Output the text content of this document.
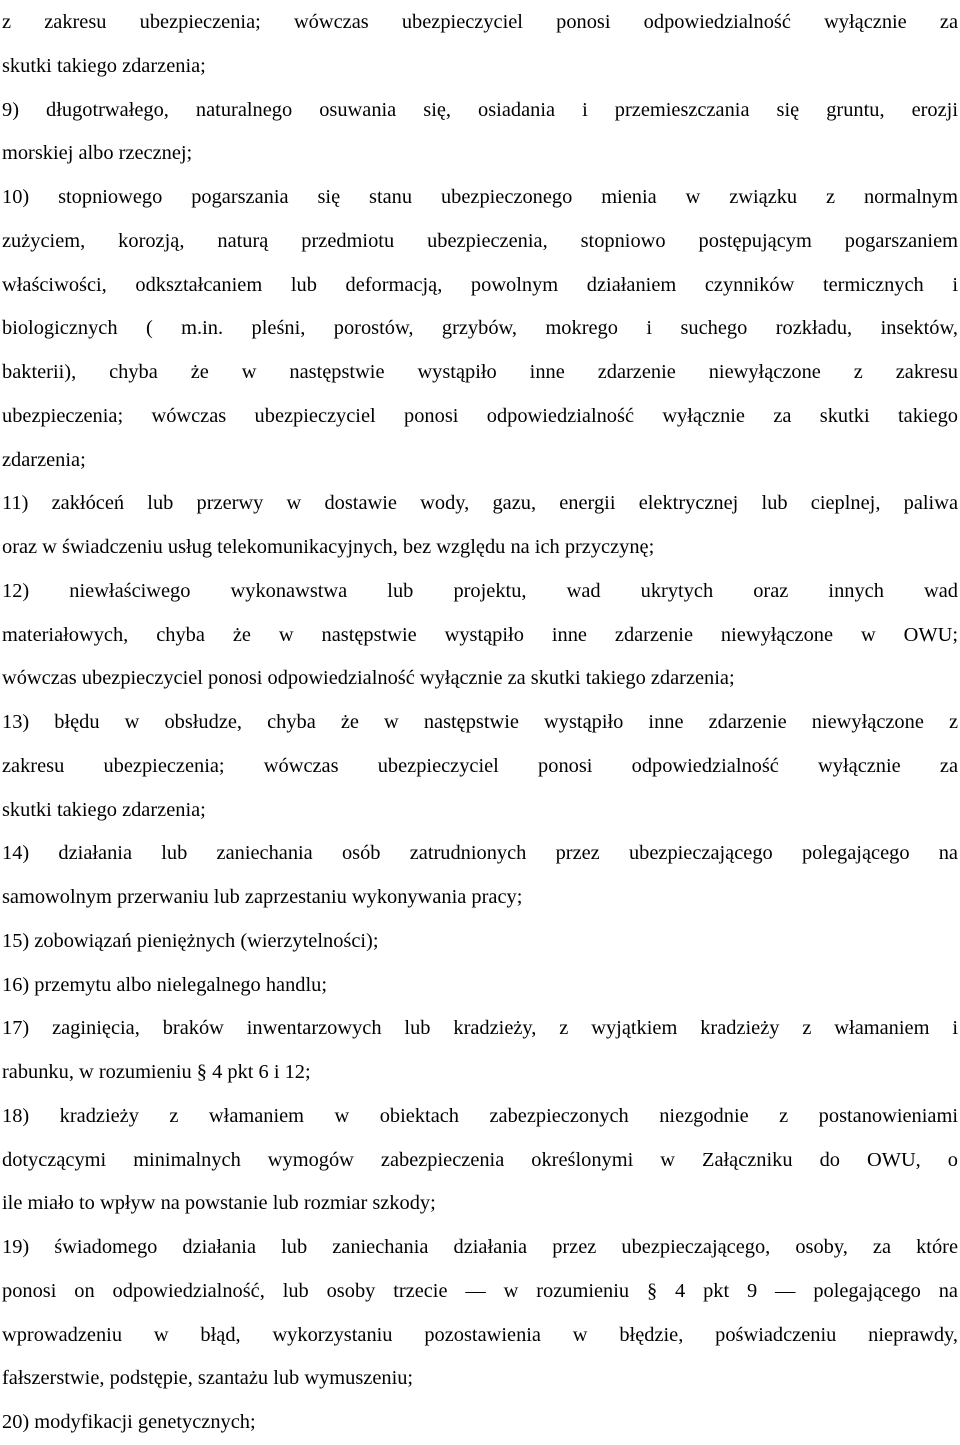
z zakresu ubezpieczenia; wówczas ubezpieczyciel ponosi odpowiedzialność wyłącznie za
skutki takiego zdarzenia;
9) długotrwałego, naturalnego osuwania się, osiadania i przemieszczania się gruntu, erozji
morskiej albo rzecznej;
10) stopniowego pogarszania się stanu ubezpieczonego mienia w związku z normalnym
zużyciem, korozją, naturą przedmiotu ubezpieczenia, stopniowo postępującym pogarszaniem
właściwości, odkształcaniem lub deformacją, powolnym działaniem czynników termicznych i
biologicznych ( m.in. pleśni, porostów, grzybów, mokrego i suchego rozkładu, insektów,
bakterii), chyba że w następstwie wystąpiło inne zdarzenie niewyłączone z zakresu
ubezpieczenia; wówczas ubezpieczyciel ponosi odpowiedzialność wyłącznie za skutki takiego
zdarzenia;
11) zakłóceń lub przerwy w dostawie wody, gazu, energii elektrycznej lub cieplnej, paliwa
oraz w świadczeniu usług telekomunikacyjnych, bez względu na ich przyczynę;
12) niewłaściwego wykonawstwa lub projektu, wad ukrytych oraz innych wad
materiałowych, chyba że w następstwie wystąpiło inne zdarzenie niewyłączone w OWU;
wówczas ubezpieczyciel ponosi odpowiedzialność wyłącznie za skutki takiego zdarzenia;
13) błędu w obsłudze, chyba że w następstwie wystąpiło inne zdarzenie niewyłączone z
zakresu ubezpieczenia; wówczas ubezpieczyciel ponosi odpowiedzialność wyłącznie za
skutki takiego zdarzenia;
14) działania lub zaniechania osób zatrudnionych przez ubezpieczającego polegającego na
samowolnym przerwaniu lub zaprzestaniu wykonywania pracy;
15) zobowiązań pieniężnych (wierzytelności);
16) przemytu albo nielegalnego handlu;
17) zaginięcia, braków inwentarzowych lub kradzieży, z wyjątkiem kradzieży z włamaniem i
rabunku, w rozumieniu § 4 pkt 6 i 12;
18) kradzieży z włamaniem w obiektach zabezpieczonych niezgodnie z postanowieniami
dotyczącymi minimalnych wymogów zabezpieczenia określonymi w Załączniku do OWU, o
ile miało to wpływ na powstanie lub rozmiar szkody;
19) świadomego działania lub zaniechania działania przez ubezpieczającego, osoby, za które
ponosi on odpowiedzialność, lub osoby trzecie — w rozumieniu § 4 pkt 9 — polegającego na
wprowadzeniu w błąd, wykorzystaniu pozostawienia w błędzie, poświadczeniu nieprawdy,
fałszerstwie, podstępie, szantażu lub wymuszeniu;
20) modyfikacji genetycznych;
